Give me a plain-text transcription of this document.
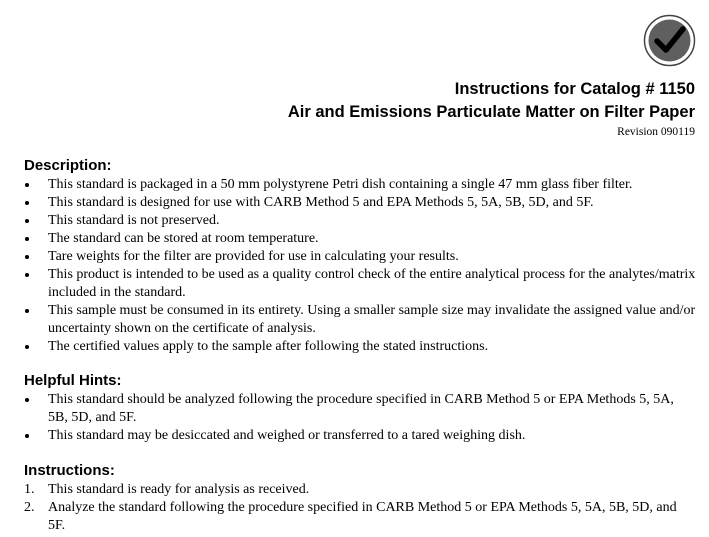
Instructions for Catalog # 1150
Air and Emissions Particulate Matter on Filter Paper
Revision 090119
Description:
This standard is packaged in a 50 mm polystyrene Petri dish containing a single 47 mm glass fiber filter.
This standard is designed for use with CARB Method 5 and EPA Methods 5, 5A, 5B, 5D, and 5F.
This standard is not preserved.
The standard can be stored at room temperature.
Tare weights for the filter are provided for use in calculating your results.
This product is intended to be used as a quality control check of the entire analytical process for the analytes/matrix included in the standard.
This sample must be consumed in its entirety. Using a smaller sample size may invalidate the assigned value and/or uncertainty shown on the certificate of analysis.
The certified values apply to the sample after following the stated instructions.
Helpful Hints:
This standard should be analyzed following the procedure specified in CARB Method 5 or EPA Methods 5, 5A, 5B, 5D, and 5F.
This standard may be desiccated and weighed or transferred to a tared weighing dish.
Instructions:
1. This standard is ready for analysis as received.
2. Analyze the standard following the procedure specified in CARB Method 5 or EPA Methods 5, 5A, 5B, 5D, and 5F.
